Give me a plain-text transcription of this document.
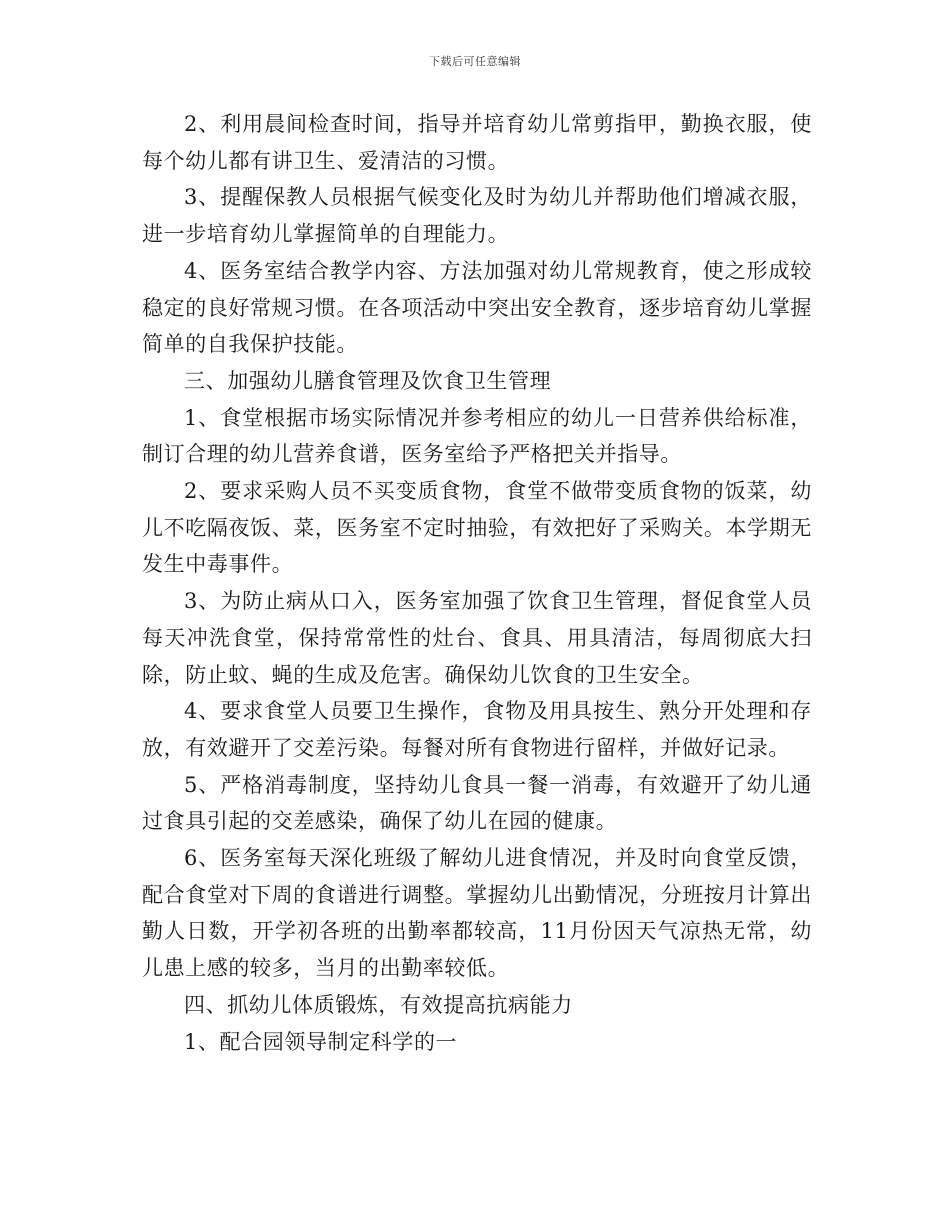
下载后可任意编辑

2、利用晨间检查时间，指导并培育幼儿常剪指甲，勤换衣服，使每个幼儿都有讲卫生、爱清洁的习惯。

3、提醒保教人员根据气候变化及时为幼儿并帮助他们增减衣服，进一步培育幼儿掌握简单的自理能力。

4、医务室结合教学内容、方法加强对幼儿常规教育，使之形成较稳定的良好常规习惯。在各项活动中突出安全教育，逐步培育幼儿掌握简单的自我保护技能。

三、加强幼儿膳食管理及饮食卫生管理

1、食堂根据市场实际情况并参考相应的幼儿一日营养供给标准，制订合理的幼儿营养食谱，医务室给予严格把关并指导。

2、要求采购人员不买变质食物，食堂不做带变质食物的饭菜，幼儿不吃隔夜饭、菜，医务室不定时抽验，有效把好了采购关。本学期无发生中毒事件。

3、为防止病从口入，医务室加强了饮食卫生管理，督促食堂人员每天冲洗食堂，保持常常性的灶台、食具、用具清洁，每周彻底大扫除，防止蚊、蝇的生成及危害。确保幼儿饮食的卫生安全。

4、要求食堂人员要卫生操作，食物及用具按生、熟分开处理和存放，有效避开了交差污染。每餐对所有食物进行留样，并做好记录。

5、严格消毒制度，坚持幼儿食具一餐一消毒，有效避开了幼儿通过食具引起的交差感染，确保了幼儿在园的健康。

6、医务室每天深化班级了解幼儿进食情况，并及时向食堂反馈，配合食堂对下周的食谱进行调整。掌握幼儿出勤情况，分班按月计算出勤人日数，开学初各班的出勤率都较高，11月份因天气凉热无常，幼儿患上感的较多，当月的出勤率较低。

四、抓幼儿体质锻炼，有效提高抗病能力

1、配合园领导制定科学的一
